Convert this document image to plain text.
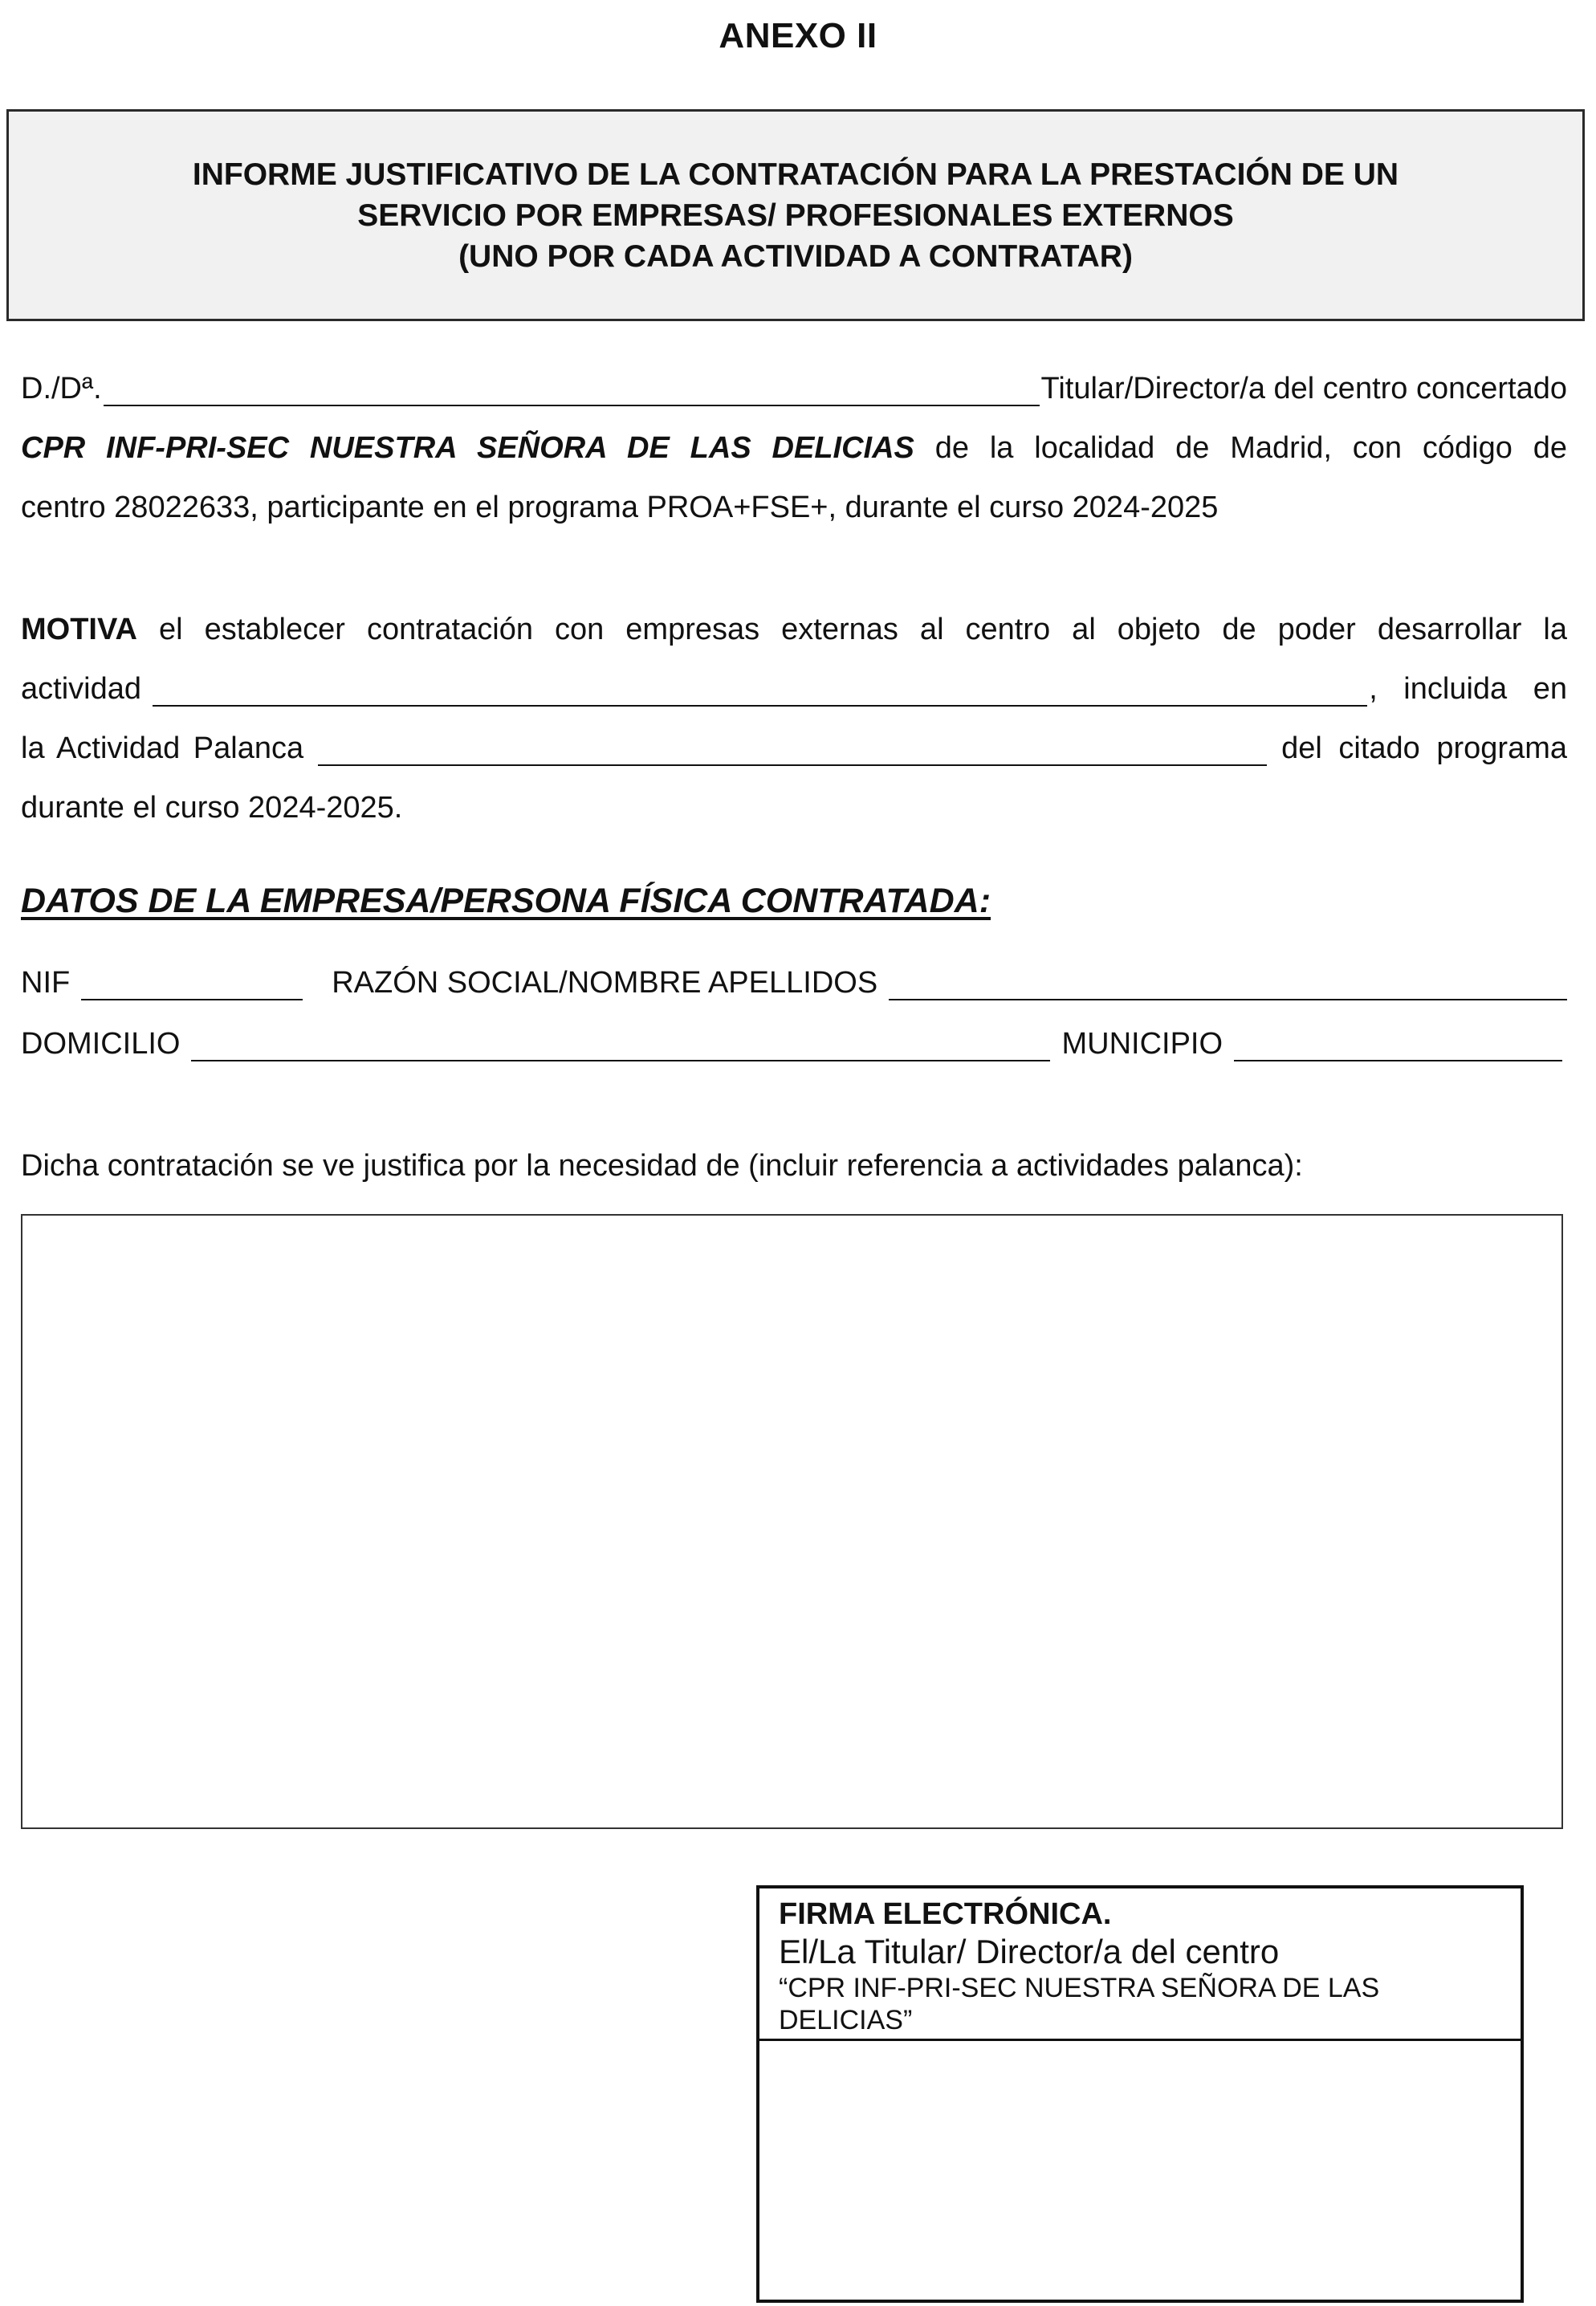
ANEXO II
INFORME JUSTIFICATIVO DE LA CONTRATACIÓN PARA LA PRESTACIÓN DE UN
SERVICIO POR EMPRESAS/ PROFESIONALES EXTERNOS
(UNO POR CADA ACTIVIDAD A CONTRATAR)
D./Dª.	Titular/Director/a del centro concertado
CPR INF-PRI-SEC NUESTRA SEÑORA DE LAS DELICIAS de la localidad de Madrid, con código de
centro 28022633, participante en el programa PROA+FSE+, durante el curso 2024-2025
MOTIVA el establecer contratación con empresas externas al centro al objeto de poder desarrollar la
actividad	, incluida en
la Actividad Palanca	del citado programa
durante el curso 2024-2025.
DATOS DE LA EMPRESA/PERSONA FÍSICA CONTRATADA:
NIF	RAZÓN SOCIAL/NOMBRE APELLIDOS
DOMICILIO	MUNICIPIO
Dicha contratación se ve justifica por la necesidad de (incluir referencia a actividades palanca):
FIRMA ELECTRÓNICA.
El/La Titular/ Director/a del centro
“CPR INF-PRI-SEC NUESTRA SEÑORA DE LAS
DELICIAS”
